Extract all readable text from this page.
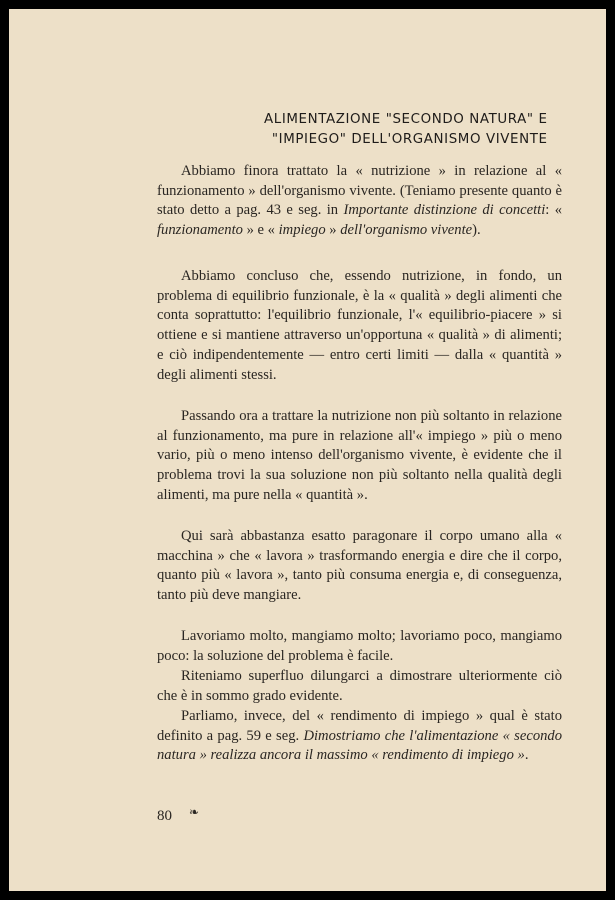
ALIMENTAZIONE "SECONDO NATURA" E
"IMPIEGO" DELL'ORGANISMO VIVENTE

Abbiamo finora trattato la « nutrizione » in relazione al « funzionamento » dell'organismo vivente. (Teniamo presente quanto è stato detto a pag. 43 e seg. in Importante distinzione di concetti: « funzionamento » e « impiego » dell'organismo vivente).

Abbiamo concluso che, essendo nutrizione, in fondo, un problema di equilibrio funzionale, è la « qualità » degli alimenti che conta soprattutto: l'equilibrio funzionale, l'« equilibrio-piacere » si ottiene e si mantiene attraverso un'opportuna « qualità » di alimenti; e ciò indipendentemente — entro certi limiti — dalla « quantità » degli alimenti stessi.

Passando ora a trattare la nutrizione non più soltanto in relazione al funzionamento, ma pure in relazione all'« impiego » più o meno vario, più o meno intenso dell'organismo vivente, è evidente che il problema trovi la sua soluzione non più soltanto nella qualità degli alimenti, ma pure nella « quantità ».

Qui sarà abbastanza esatto paragonare il corpo umano alla « macchina » che « lavora » trasformando energia e dire che il corpo, quanto più « lavora », tanto più consuma energia e, di conseguenza, tanto più deve mangiare.

Lavoriamo molto, mangiamo molto; lavoriamo poco, mangiamo poco: la soluzione del problema è facile.

Riteniamo superfluo dilungarci a dimostrare ulteriormente ciò che è in sommo grado evidente.

Parliamo, invece, del « rendimento di impiego » qual è stato definito a pag. 59 e seg. Dimostriamo che l'alimentazione « secondo natura » realizza ancora il massimo « rendimento di impiego ».

80 ❧
